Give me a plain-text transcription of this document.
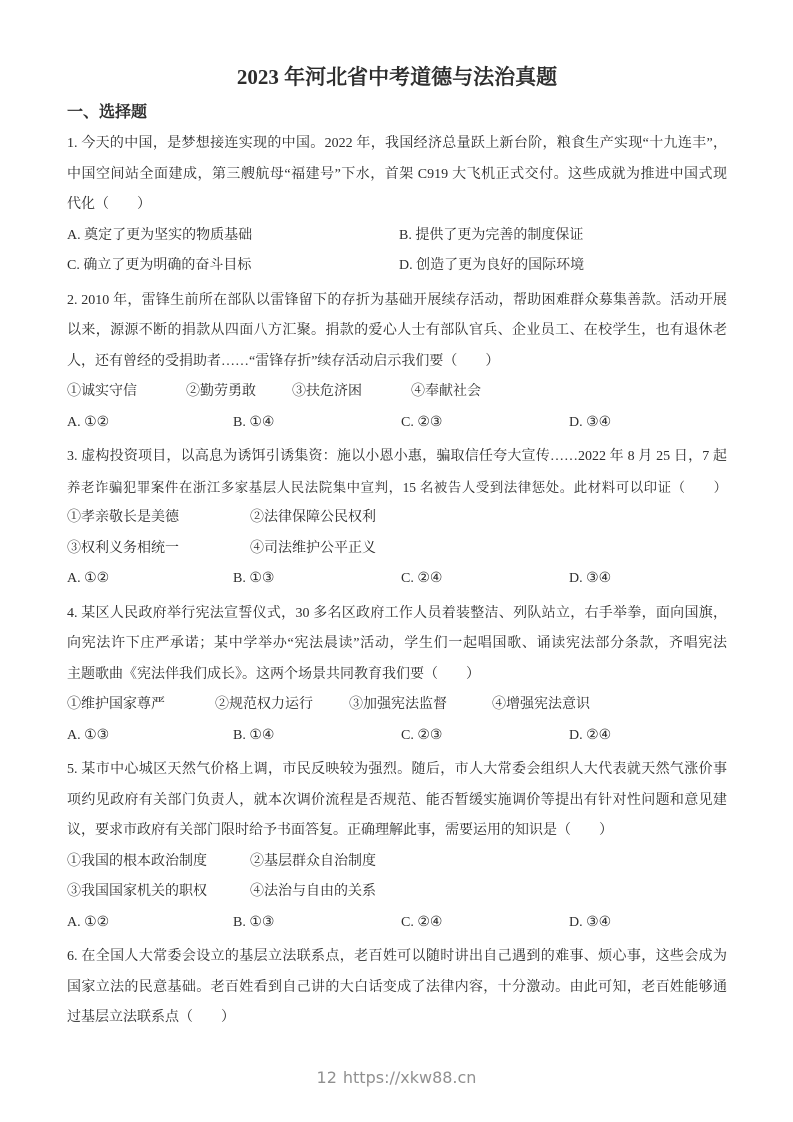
2023 年河北省中考道德与法治真题
一、选择题
1. 今天的中国，是梦想接连实现的中国。2022 年，我国经济总量跃上新台阶，粮食生产实现“十九连丰”，
中国空间站全面建成，第三艘航母“福建号”下水，首架 C919 大飞机正式交付。这些成就为推进中国式现
代化（　　）
A. 奠定了更为坚实的物质基础	B. 提供了更为完善的制度保证
C. 确立了更为明确的奋斗目标	D. 创造了更为良好的国际环境
2. 2010 年，雷锋生前所在部队以雷锋留下的存折为基础开展续存活动，帮助困难群众募集善款。活动开展
以来，源源不断的捐款从四面八方汇聚。捐款的爱心人士有部队官兵、企业员工、在校学生，也有退休老
人，还有曾经的受捐助者……“雷锋存折”续存活动启示我们要（　　）
①诚实守信	②勤劳勇敢	③扶危济困	④奉献社会
A. ①②	B. ①④	C. ②③	D. ③④
3. 虚构投资项目，以高息为诱饵引诱集资：施以小恩小惠，骗取信任夸大宣传……2022 年 8 月 25 日，7 起
养老诈骗犯罪案件在浙江多家基层人民法院集中宣判，15 名被告人受到法律惩处。此材料可以印证（　　）
①孝亲敬长是美德	②法律保障公民权利
③权利义务相统一	④司法维护公平正义
A. ①②	B. ①③	C. ②④	D. ③④
4. 某区人民政府举行宪法宣誓仪式，30 多名区政府工作人员着装整洁、列队站立，右手举拳，面向国旗，
向宪法许下庄严承诺；某中学举办“宪法晨读”活动，学生们一起唱国歌、诵读宪法部分条款，齐唱宪法
主题歌曲《宪法伴我们成长》。这两个场景共同教育我们要（　　）
①维护国家尊严	②规范权力运行	③加强宪法监督	④增强宪法意识
A. ①③	B. ①④	C. ②③	D. ②④
5. 某市中心城区天然气价格上调，市民反映较为强烈。随后，市人大常委会组织人大代表就天然气涨价事
项约见政府有关部门负责人，就本次调价流程是否规范、能否暂缓实施调价等提出有针对性问题和意见建
议，要求市政府有关部门限时给予书面答复。正确理解此事，需要运用的知识是（　　）
①我国的根本政治制度	②基层群众自治制度
③我国国家机关的职权	④法治与自由的关系
A. ①②	B. ①③	C. ②④	D. ③④
6. 在全国人大常委会设立的基层立法联系点，老百姓可以随时讲出自己遇到的难事、烦心事，这些会成为
国家立法的民意基础。老百姓看到自己讲的大白话变成了法律内容，十分激动。由此可知，老百姓能够通
过基层立法联系点（　　）
12 https://xkw88.cn
